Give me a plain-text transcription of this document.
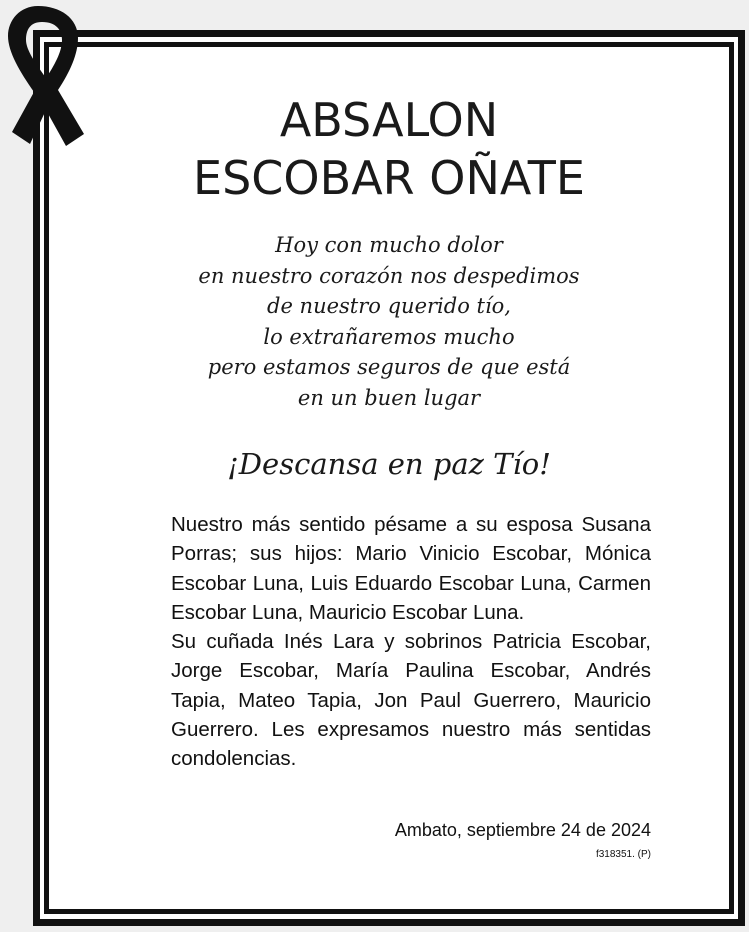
ABSALON
ESCOBAR OÑATE
Hoy con mucho dolor
en nuestro corazón nos despedimos
de nuestro querido tío,
lo extrañaremos mucho
pero estamos seguros de que está
en un buen lugar
¡Descansa en paz Tío!

Nuestro más sentido pésame a su esposa Susana Porras; sus hijos: Mario Vinicio Escobar, Mónica Escobar Luna, Luis Eduardo Escobar Luna, Carmen Escobar Luna, Mauricio Escobar Luna.

Su cuñada Inés Lara y sobrinos Patricia Escobar, Jorge Escobar, María Paulina Escobar, Andrés Tapia, Mateo Tapia, Jon Paul Guerrero, Mauricio Guerrero. Les expresamos nuestro más sentidas condolencias.

Ambato, septiembre 24 de 2024
f318351. (P)
